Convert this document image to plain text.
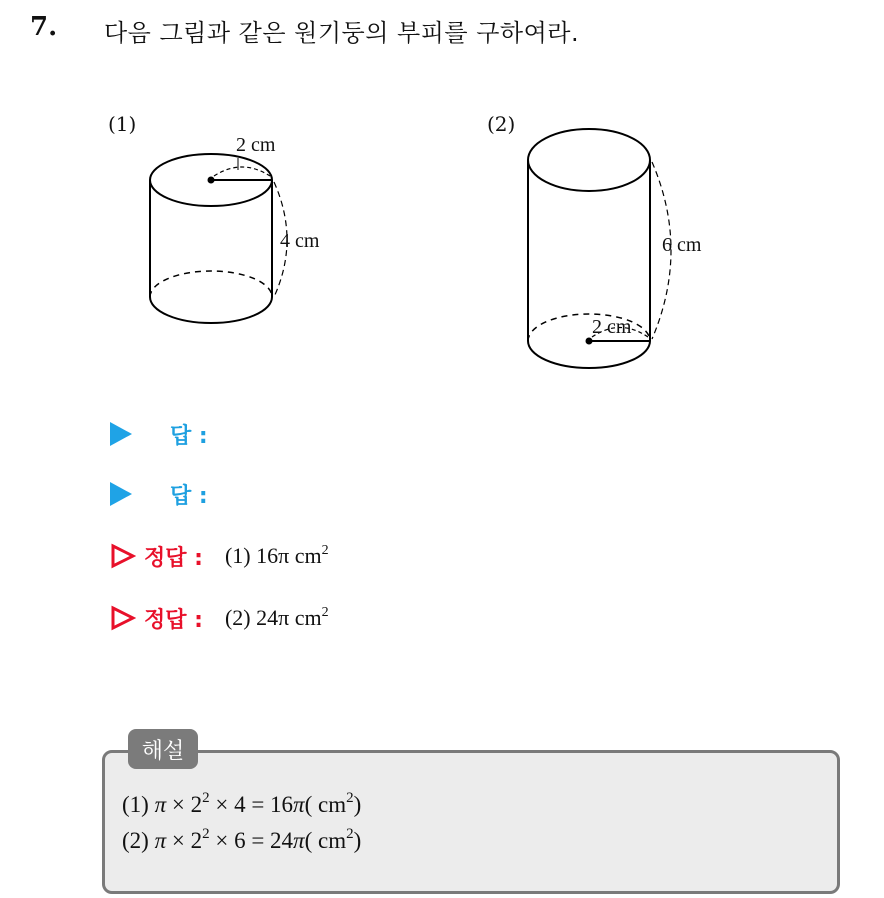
7. 다음 그림과 같은 원기둥의 부피를 구하여라.
(1)
2 cm
4 cm
(2)
6 cm
2 cm
답 :
답 :
정답 : (1) 16π $cm^2$
정답 : (2) 24π $cm^2$
해설
(1) $\pi \times 2^2 \times 4 = 16\pi$( $cm^2$)
(2) $\pi \times 2^2 \times 6 = 24\pi$( $cm^2$)
